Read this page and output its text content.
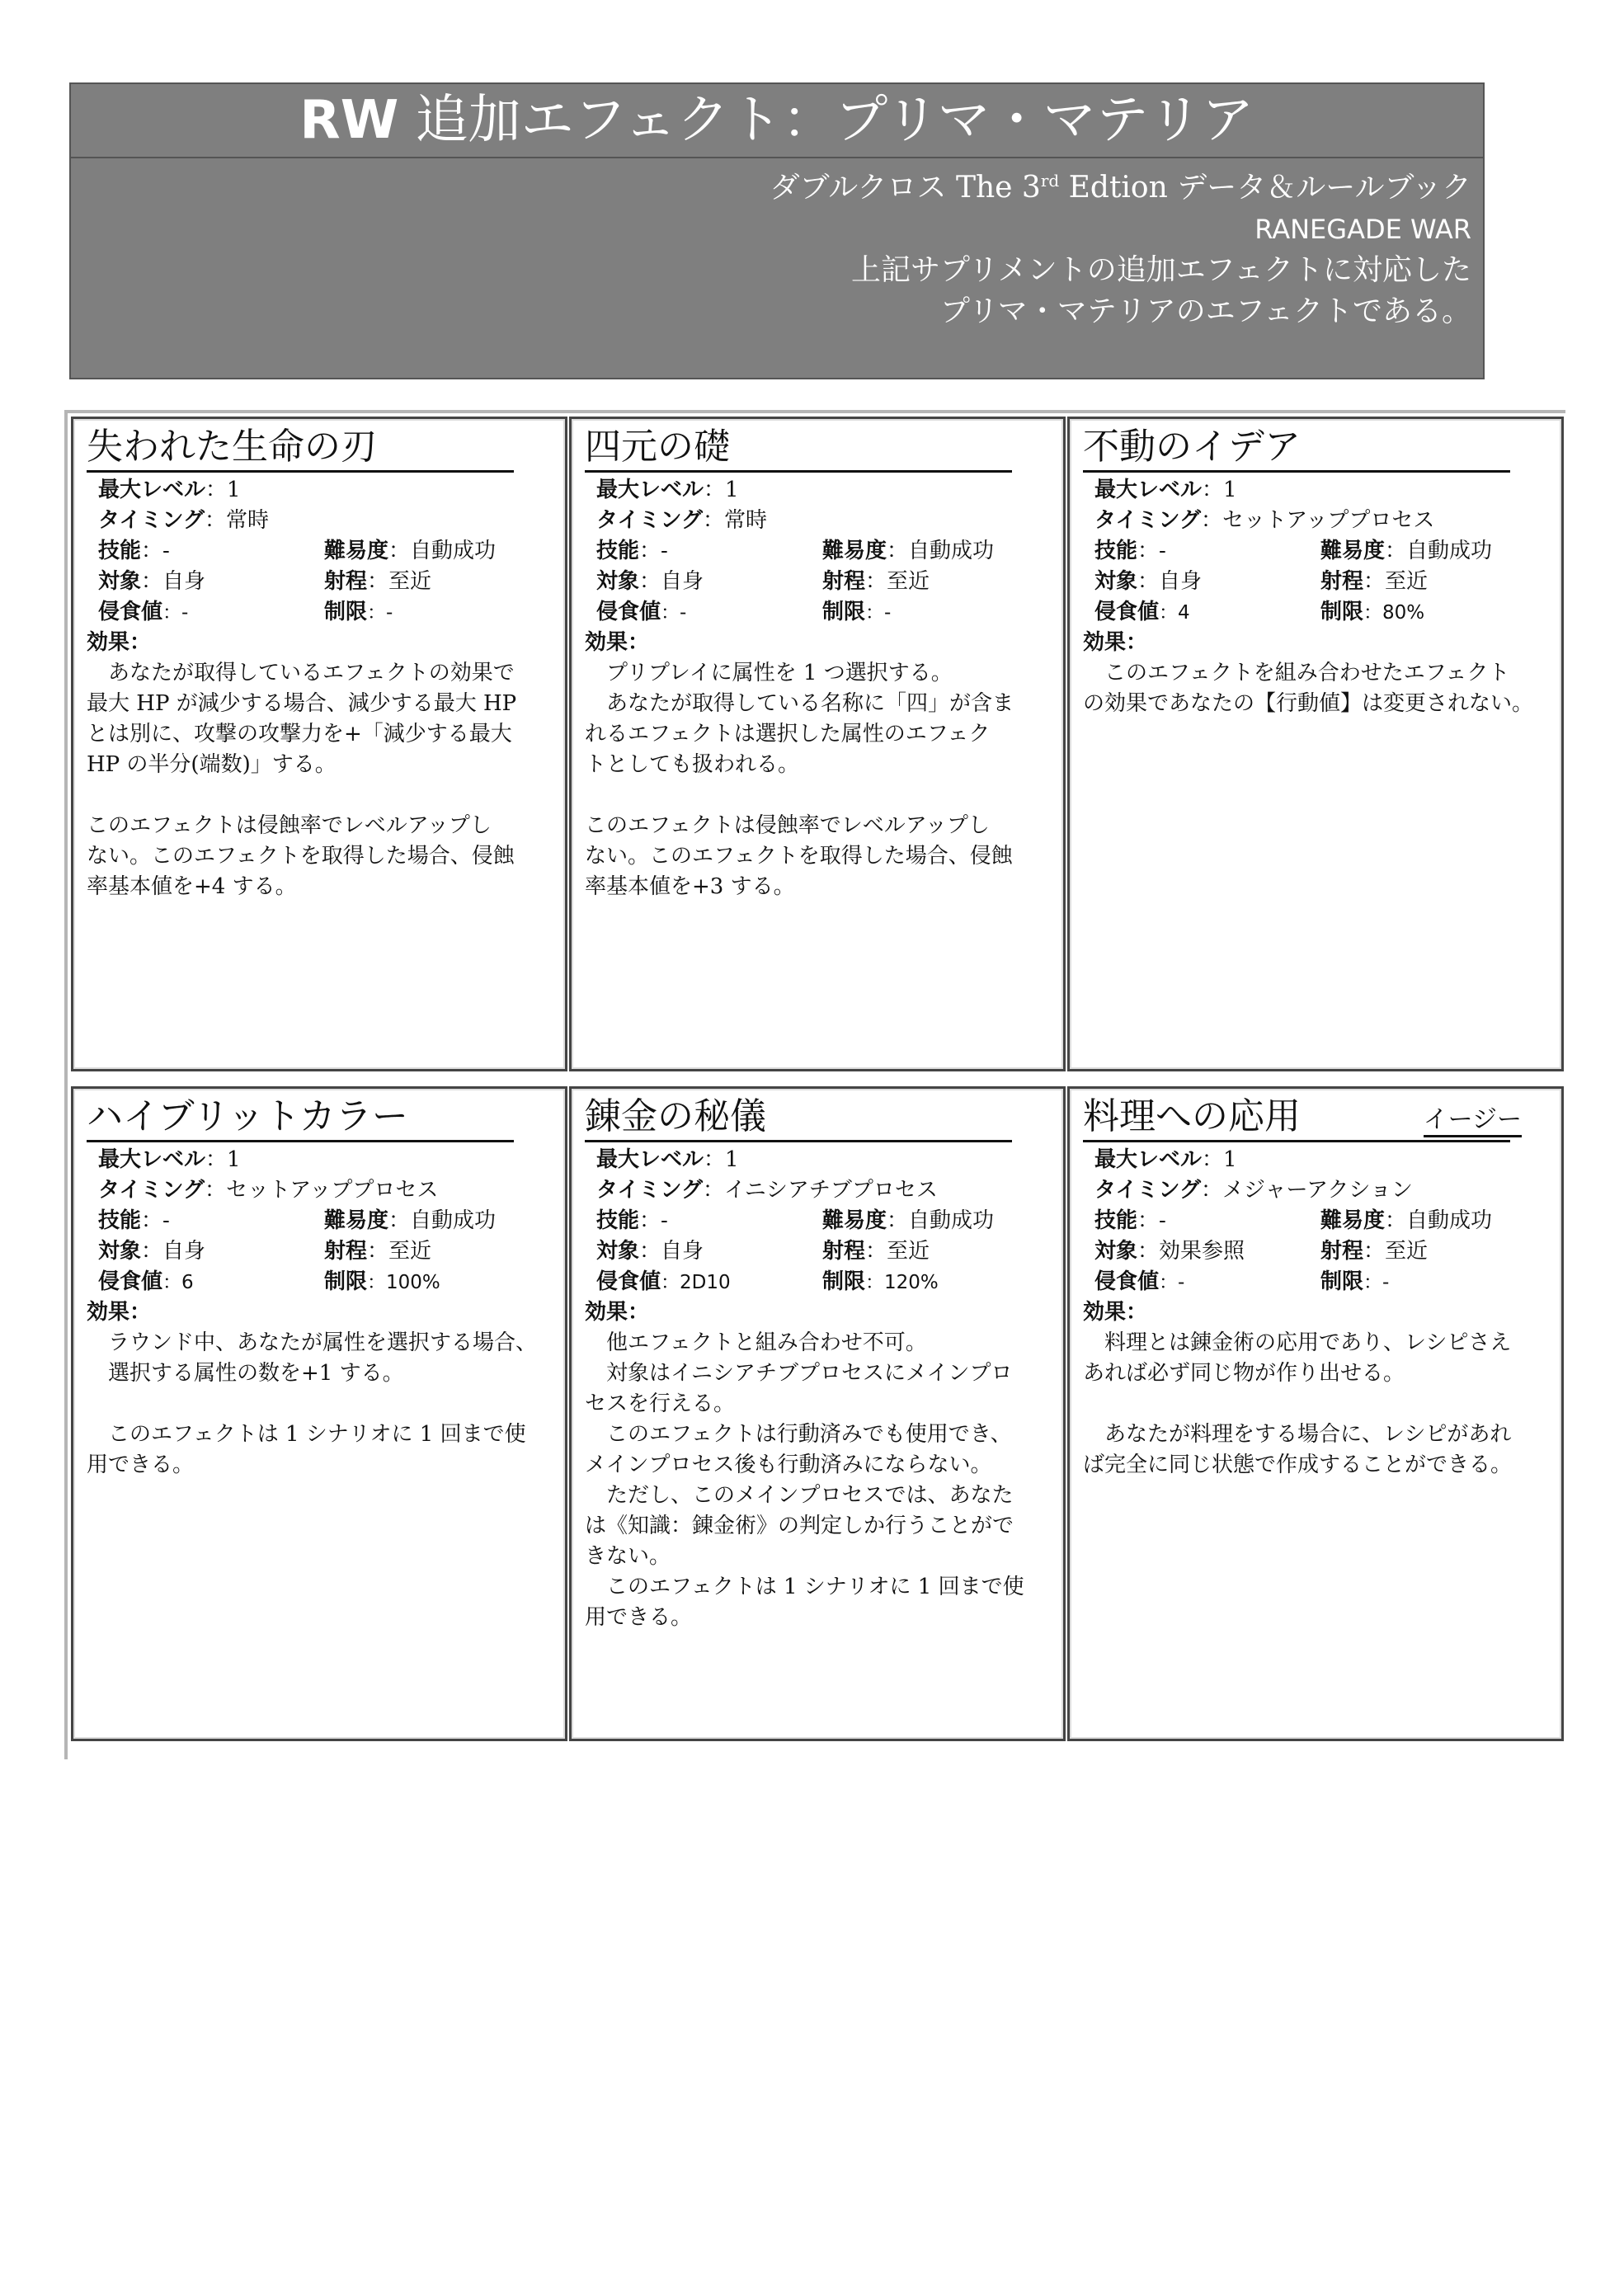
RW 追加エフェクト：プリマ・マテリア
ダブルクロス The 3rd Edtion データ＆ルールブック
RANEGADE WAR
上記サプリメントの追加エフェクトに対応した
プリマ・マテリアのエフェクトである。
失われた生命の刃
最大レベル：1
タイミング：常時
技能：-	難易度：自動成功
対象：自身	射程：至近
侵食値：-	制限：-
効果：

　あなたが取得しているエフェクトの効果で

最大 HP が減少する場合、減少する最大 HP

とは別に、攻撃の攻撃力を+「減少する最大

HP の半分(端数)」する。

このエフェクトは侵蝕率でレベルアップし

ない。このエフェクトを取得した場合、侵蝕

率基本値を+4 する。

四元の礎
最大レベル：1
タイミング：常時
技能：-	難易度：自動成功
対象：自身	射程：至近
侵食値：-	制限：-
効果：

　プリプレイに属性を 1 つ選択する。

　あなたが取得している名称に「四」が含ま

れるエフェクトは選択した属性のエフェク

トとしても扱われる。

このエフェクトは侵蝕率でレベルアップし

ない。このエフェクトを取得した場合、侵蝕

率基本値を+3 する。

不動のイデア
最大レベル：1
タイミング：セットアッププロセス
技能：-	難易度：自動成功
対象：自身	射程：至近
侵食値：4	制限：80%
効果：

　このエフェクトを組み合わせたエフェクト

の効果であなたの【行動値】は変更されない。

ハイブリットカラー
最大レベル：1
タイミング：セットアッププロセス
技能：-	難易度：自動成功
対象：自身	射程：至近
侵食値：6	制限：100%
効果：

　ラウンド中、あなたが属性を選択する場合、

　選択する属性の数を+1 する。

　このエフェクトは 1 シナリオに 1 回まで使

用できる。

錬金の秘儀
最大レベル：1
タイミング：イニシアチブプロセス
技能：-	難易度：自動成功
対象：自身	射程：至近
侵食値：2D10	制限：120%
効果：

　他エフェクトと組み合わせ不可。

　対象はイニシアチブプロセスにメインプロ

セスを行える。

　このエフェクトは行動済みでも使用でき、

メインプロセス後も行動済みにならない。

　ただし、このメインプロセスでは、あなた

は《知識：錬金術》の判定しか行うことがで

きない。

　このエフェクトは 1 シナリオに 1 回まで使

用できる。

料理への応用	イージー
最大レベル：1
タイミング：メジャーアクション
技能：-	難易度：自動成功
対象：効果参照	射程：至近
侵食値：-	制限：-
効果：

　料理とは錬金術の応用であり、レシピさえ

あれば必ず同じ物が作り出せる。

　あなたが料理をする場合に、レシピがあれ

ば完全に同じ状態で作成することができる。
